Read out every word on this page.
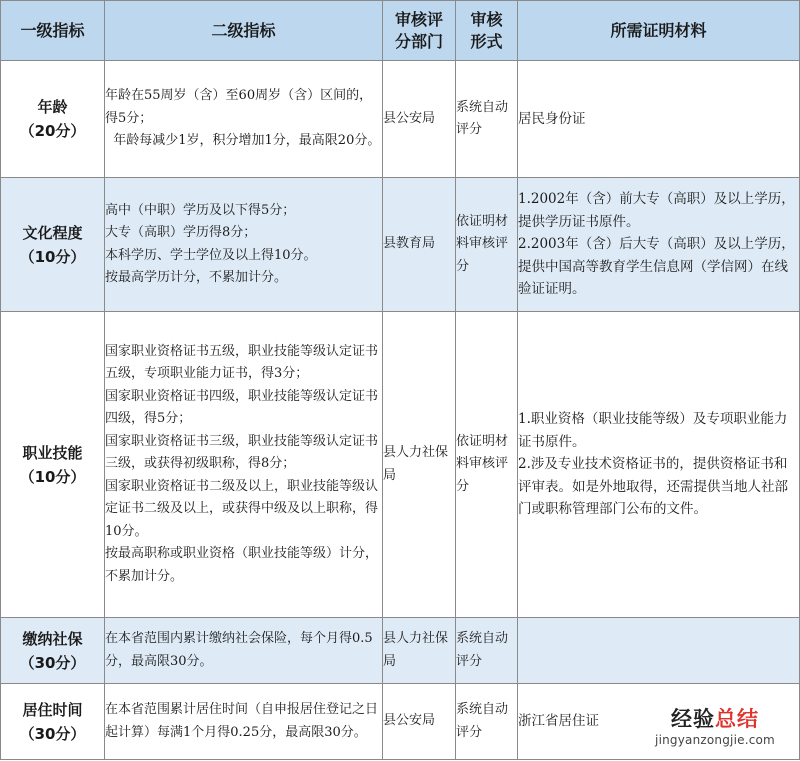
一级指标	二级指标	审核评分部门	审核形式	所需证明材料

年龄
（20分）	年龄在55周岁（含）至60周岁（含）区间的，得5分；
年龄每减少1岁，积分增加1分，最高限20分。	县公安局	系统自动评分	居民身份证

文化程度
（10分）	高中（中职）学历及以下得5分；
大专（高职）学历得8分；
本科学历、学士学位及以上得10分。
按最高学历计分，不累加计分。	县教育局	依证明材料审核评分	1.2002年（含）前大专（高职）及以上学历，提供学历证书原件。
2.2003年（含）后大专（高职）及以上学历，提供中国高等教育学生信息网（学信网）在线验证证明。

职业技能
（10分）	国家职业资格证书五级，职业技能等级认定证书五级，专项职业能力证书，得3分；
国家职业资格证书四级，职业技能等级认定证书四级，得5分；
国家职业资格证书三级，职业技能等级认定证书三级，或获得初级职称，得8分；
国家职业资格证书二级及以上，职业技能等级认定证书二级及以上，或获得中级及以上职称，得10分。
按最高职称或职业资格（职业技能等级）计分，不累加计分。	县人力社保局	依证明材料审核评分	1.职业资格（职业技能等级）及专项职业能力证书原件。
2.涉及专业技术资格证书的，提供资格证书和评审表。如是外地取得，还需提供当地人社部门或职称管理部门公布的文件。

缴纳社保
（30分）	在本省范围内累计缴纳社会保险，每个月得0.5分，最高限30分。	县人力社保局	系统自动评分	

居住时间
（30分）	在本省范围累计居住时间（自申报居住登记之日起计算）每满1个月得0.25分，最高限30分。	县公安局	系统自动评分	浙江省居住证	经验总结
jingyanzongjie.com
